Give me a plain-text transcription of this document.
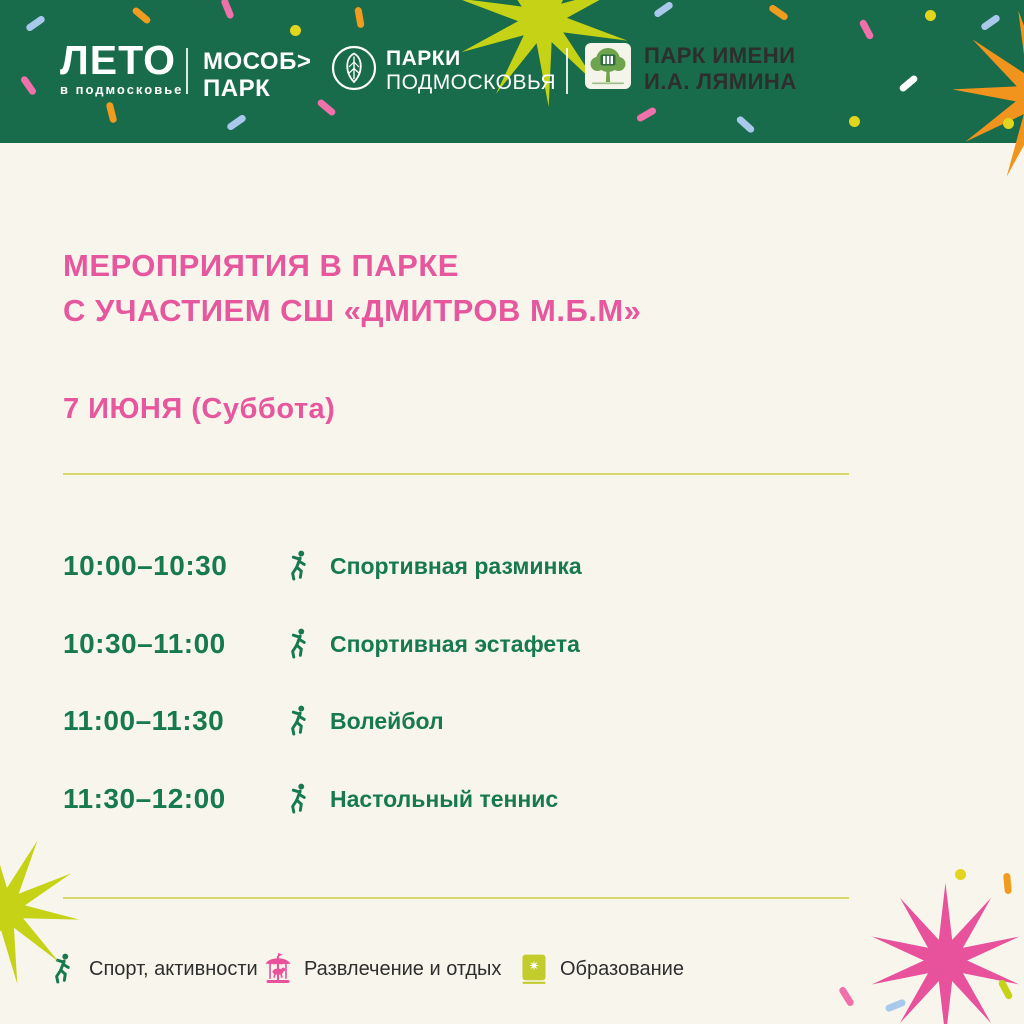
ЛЕТО
в подмосковье
МОСОБ>
ПАРК
ПАРКИ
ПОДМОСКОВЬЯ
ПАРК ИМЕНИ
И.А. ЛЯМИНА
МЕРОПРИЯТИЯ В ПАРКЕ
С УЧАСТИЕМ СШ «ДМИТРОВ М.Б.М»
7 ИЮНЯ (Суббота)
10:00–10:30	Спортивная разминка
10:30–11:00	Спортивная эстафета
11:00–11:30	Волейбол
11:30–12:00	Настольный теннис
Спорт, активности Развлечение и отдых	Образование
